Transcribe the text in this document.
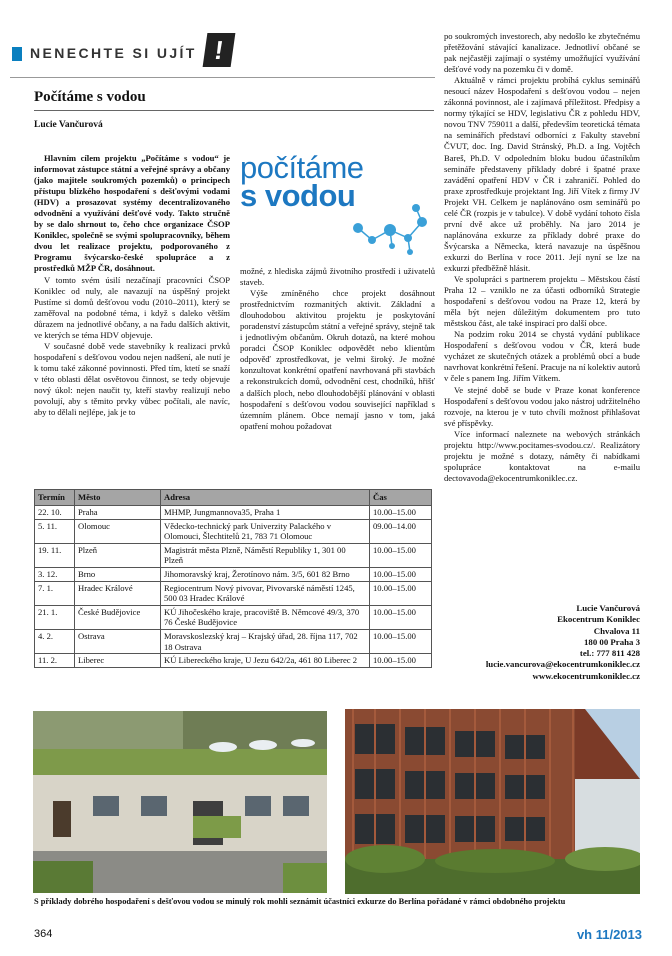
NENECHTE SI UJÍT !
Počítáme s vodou
Lucie Vančurová

Hlavním cílem projektu „Počítáme s vodou“ je informovat zástupce státní a veřejné správy a občany (jako majitele soukromých pozemků) o principech přístupu blízkého hospodaření s dešťovými vodami (HDV) a prosazovat systémy decentralizovaného odvodnění a využívání dešťové vody. Takto stručně by se dalo shrnout to, čeho chce organizace ČSOP Koniklec, společně se svými spolupracovníky, během dvou let realizace projektu, podporovaného z Programu švýcarsko-české spolupráce a z prostředků MŽP ČR, dosáhnout.

V tomto svém úsilí nezačínají pracovníci ČSOP Koniklec od nuly, ale navazují na úspěšný projekt Pustíme si domů dešťovou vodu (2010–2011), který se zaměřoval na podobné téma, i když s daleko větším důrazem na jednotlivé občany, a na řadu dalších aktivit, ve kterých se téma HDV objevuje.

V současné době vede stavebníky k realizaci prvků hospodaření s dešťovou vodou nejen nadšení, ale nutí je k tomu také zákonné povinnosti. Před tím, ktetí se snaží v této oblasti dělat osvětovou činnost, se tedy objevuje nový úkol: nejen naučit ty, kteří stavby realizují nebo povolují, aby s těmito prvky vůbec počítali, ale navíc, aby to dělali nejlépe, jak je to

počítáme
s vodou

možné, z hlediska zájmů životního prostředí i uživatelů staveb.

Výše zmíněného chce projekt dosáhnout prostřednictvím rozmanitých aktivit. Základní a dlouhodobou aktivitou projektu je poskytování poradenství zástupcům státní a veřejné správy, stejně tak i jednotlivým občanům. Okruh dotazů, na které mohou poradci ČSOP Koniklec odpovědět nebo klientům odpověď zprostředkovat, je velmi široký. Je možné konzultovat konkrétní opatření navrhovaná při stavbách a rekonstrukcích domů, odvodnění cest, chodníků, hřišť a dalších ploch, nebo dlouhodobější plánování v oblasti hospodaření s dešťovou vodou související například s územním plánem. Obce nemají jasno v tom, jaká opatření mohou požadovat

po soukromých investorech, aby nedošlo ke zbytečnému přetěžování stávající kanalizace. Jednotliví občané se pak nejčastěji zajímají o systémy umožňující využívání dešťové vody na pozemku či v domě.

Aktuálně v rámci projektu probíhá cyklus seminářů nesoucí název Hospodaření s dešťovou vodou – nejen zákonná povinnost, ale i zajímavá příležitost. Předpisy a normy týkající se HDV, legislativu ČR z pohledu HDV, novou TNV 759011 a další, především teoretická témata na seminářích představí odborníci z Fakulty stavební ČVUT, doc. Ing. David Stránský, Ph.D. a Ing. Vojtěch Bareš, Ph.D. V odpoledním bloku budou účastníkům semináře představeny příklady dobré i špatné praxe zavádění opatření HDV v ČR i zahraničí. Pohled do praxe zprostředkuje projektant Ing. Jiří Vítek z firmy JV Projekt VH. Celkem je naplánováno osm seminářů po celé ČR (rozpis je v tabulce). V době vydání tohoto čísla první dvě akce už proběhly. Na jaro 2014 je naplánována exkurze za příklady dobré praxe do Švýcarska a Německa, která navazuje na úspěšnou exkurzi do Berlína v roce 2011. Její nyní se lze na exkurzi předběžně hlásit.

Ve spolupráci s partnerem projektu – Městskou částí Praha 12 – vzniklo ne za účasti odborníků Strategie hospodaření s dešťovou vodou na Praze 12, která by měla být nejen důležitým dokumentem pro tuto městskou část, ale také inspirací pro další obce.

Na podzim roku 2014 se chystá vydání publikace Hospodaření s dešťovou vodou v ČR, která bude vycházet ze skutečných otázek a problémů obcí a bude navrhovat konkrétní řešení. Pracuje na ní kolektiv autorů v čele s panem Ing. Jiřím Vítkem.

Ve stejné době se bude v Praze konat konference Hospodaření s dešťovou vodou jako nástroj udržitelného rozvoje, na kterou je v tuto chvíli možnost přihlašovat své příspěvky.

Více informací naleznete na webových stránkách projektu http://www.pocitames-svodou.cz/. Realizátory projektu je možné s dotazy, náměty či nabídkami spolupráce kontaktovat na e-mailu dectovavoda@ekocentrumkoniklec.cz.

Termín	Město	Adresa	Čas
22. 10.	Praha	MHMP, Jungmannova35, Praha 1	10.00–15.00
5. 11.	Olomouc	Vědecko-technický park Univerzity Palackého v Olomouci, Šlechtitelů 21, 783 71 Olomouc	09.00–14.00
19. 11.	Plzeň	Magistrát města Plzně, Náměstí Republiky 1, 301 00 Plzeň	10.00–15.00
3. 12.	Brno	Jihomoravský kraj, Žerotínovo nám. 3/5, 601 82 Brno	10.00–15.00
7. 1.	Hradec Králové	Regiocentrum Nový pivovar, Pivovarské náměstí 1245, 500 03 Hradec Králové	10.00–15.00
21. 1.	České Budějovice	KÚ Jihočeského kraje, pracoviště B. Němcové 49/3, 370 76 České Budějovice	10.00–15.00
4. 2.	Ostrava	Moravskoslezský kraj – Krajský úřad, 28. října 117, 702 18 Ostrava	10.00–15.00
11. 2.	Liberec	KÚ Libereckého kraje, U Jezu 642/2a, 461 80 Liberec 2	10.00–15.00
Lucie Vančurová
Ekocentrum Koniklec
Chvalova 11
180 00 Praha 3
tel.: 777 811 428
lucie.vancurova@ekocentrumkoniklec.cz
www.ekocentrumkoniklec.cz
S příklady dobrého hospodaření s dešťovou vodou se minulý rok mohli seznámit účastníci exkurze do Berlína pořádané v rámci obdobného projektu
364	vh 11/2013
